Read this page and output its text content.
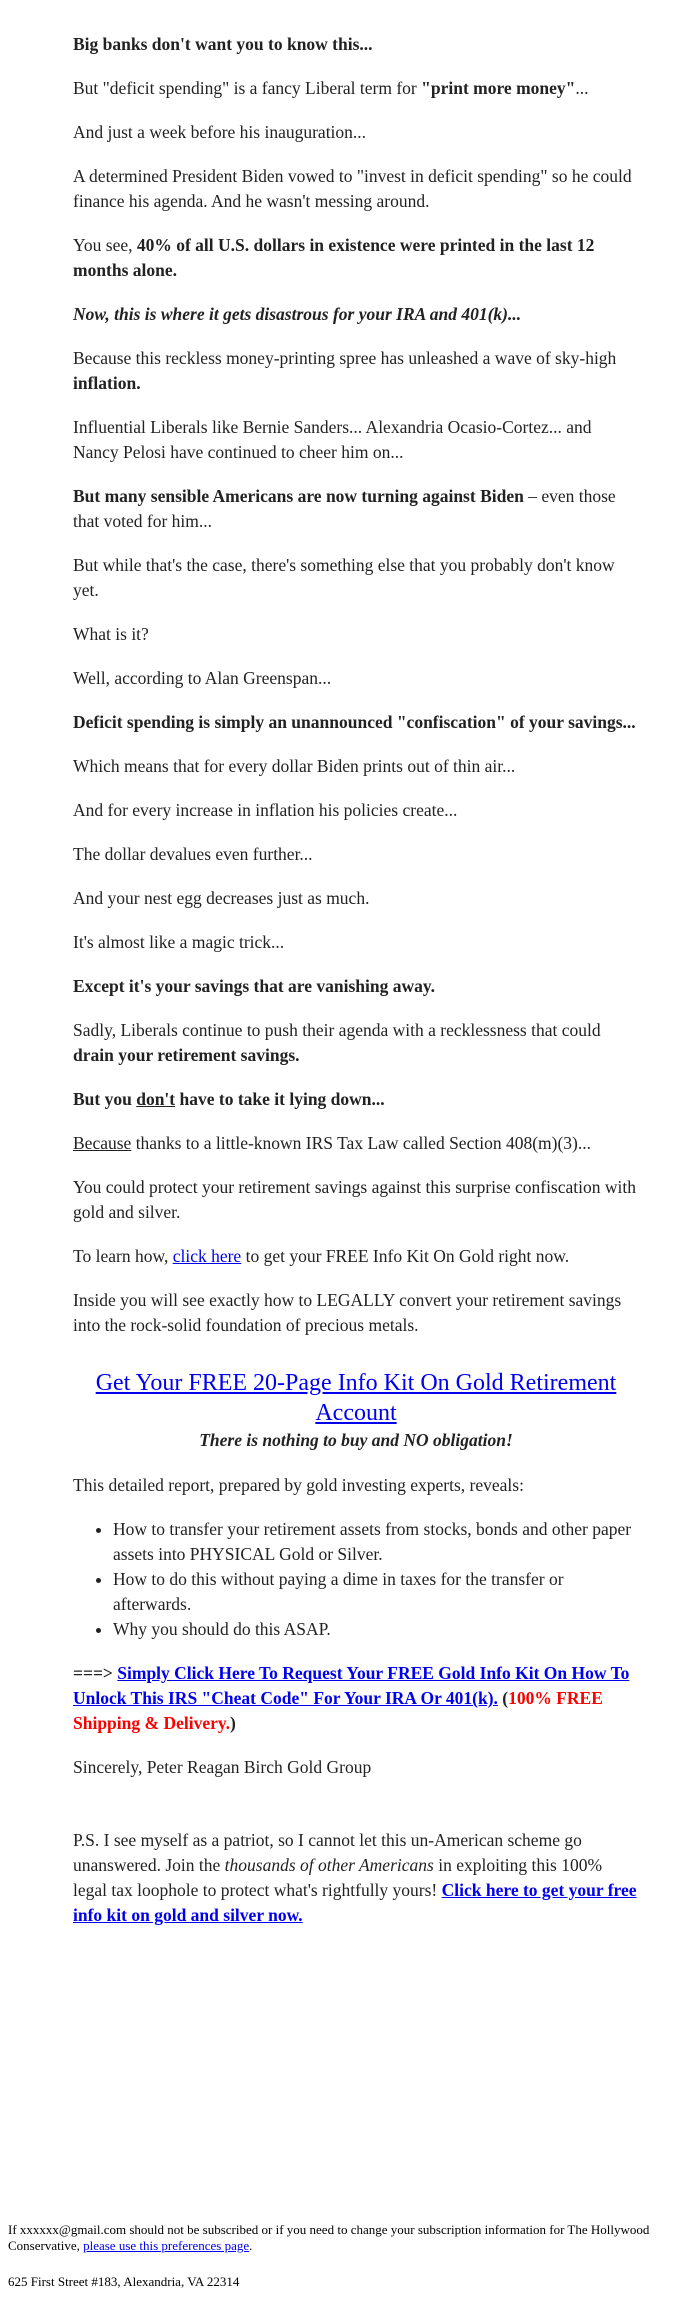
Big banks don't want you to know this...

But "deficit spending" is a fancy Liberal term for "print more money"...

And just a week before his inauguration...

A determined President Biden vowed to "invest in deficit spending" so he could finance his agenda. And he wasn't messing around.

You see, 40% of all U.S. dollars in existence were printed in the last 12 months alone.

Now, this is where it gets disastrous for your IRA and 401(k)...

Because this reckless money-printing spree has unleashed a wave of sky-high inflation.

Influential Liberals like Bernie Sanders... Alexandria Ocasio-Cortez... and Nancy Pelosi have continued to cheer him on...

But many sensible Americans are now turning against Biden – even those that voted for him...

But while that's the case, there's something else that you probably don't know yet.

What is it?

Well, according to Alan Greenspan...

Deficit spending is simply an unannounced "confiscation" of your savings...

Which means that for every dollar Biden prints out of thin air...

And for every increase in inflation his policies create...

The dollar devalues even further...

And your nest egg decreases just as much.

It's almost like a magic trick...

Except it's your savings that are vanishing away.

Sadly, Liberals continue to push their agenda with a recklessness that could drain your retirement savings.

But you don't have to take it lying down...

Because thanks to a little-known IRS Tax Law called Section 408(m)(3)...

You could protect your retirement savings against this surprise confiscation with gold and silver.

To learn how, click here to get your FREE Info Kit On Gold right now.

Inside you will see exactly how to LEGALLY convert your retirement savings into the rock-solid foundation of precious metals.

Get Your FREE 20-Page Info Kit On Gold Retirement Account
There is nothing to buy and NO obligation!

This detailed report, prepared by gold investing experts, reveals:

• How to transfer your retirement assets from stocks, bonds and other paper assets into PHYSICAL Gold or Silver.
• How to do this without paying a dime in taxes for the transfer or afterwards.
• Why you should do this ASAP.

===> Simply Click Here To Request Your FREE Gold Info Kit On How To Unlock This IRS "Cheat Code" For Your IRA Or 401(k). (100% FREE Shipping & Delivery.)

Sincerely, Peter Reagan Birch Gold Group

P.S. I see myself as a patriot, so I cannot let this un-American scheme go unanswered. Join the thousands of other Americans in exploiting this 100% legal tax loophole to protect what's rightfully yours! Click here to get your free info kit on gold and silver now.

If xxxxxx@gmail.com should not be subscribed or if you need to change your subscription information for The Hollywood Conservative, please use this preferences page.

625 First Street #183, Alexandria, VA 22314
